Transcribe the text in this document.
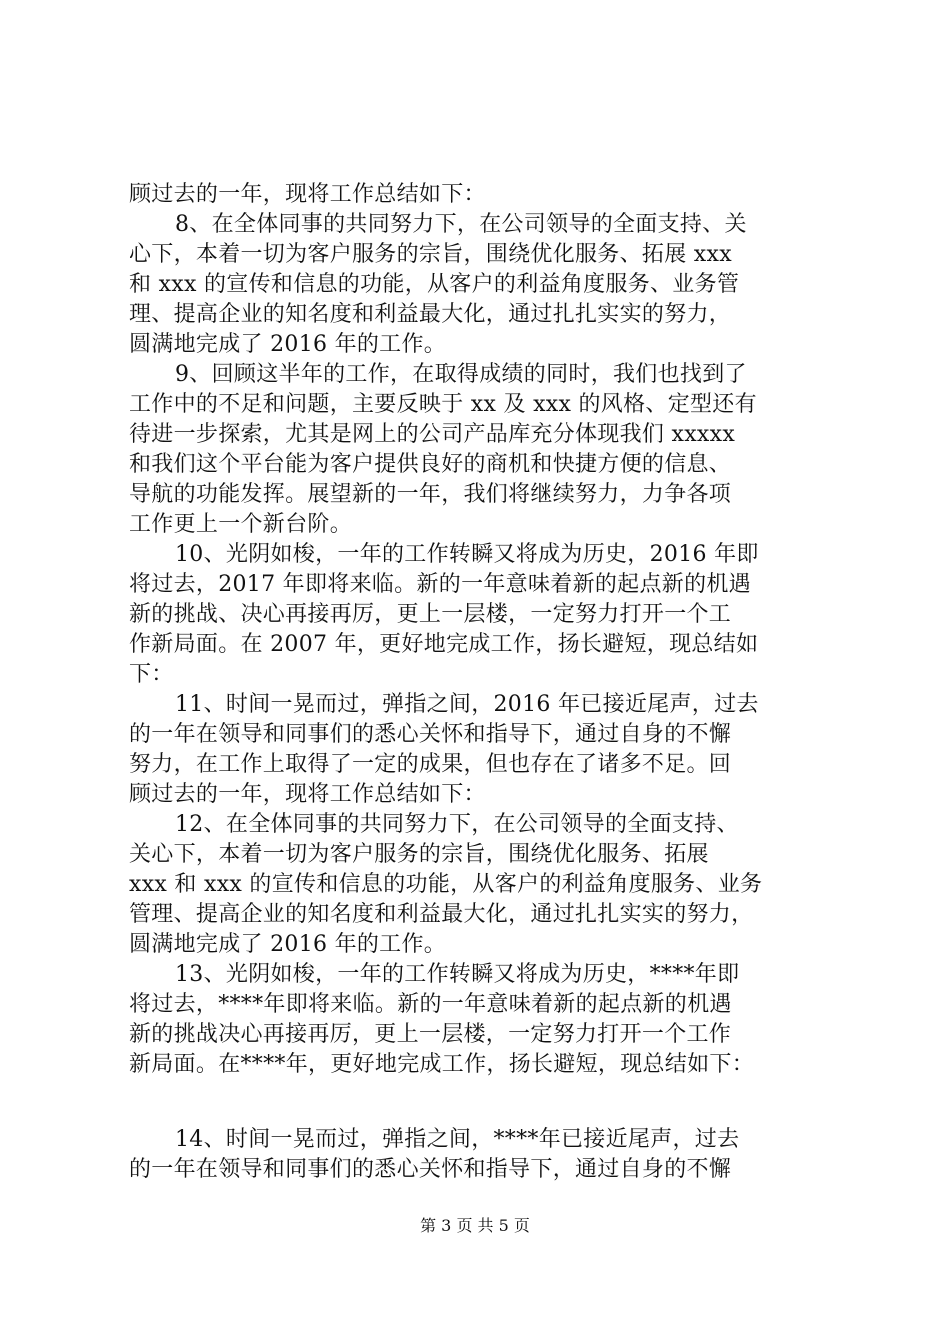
顾过去的一年，现将工作总结如下：
8、在全体同事的共同努力下，在公司领导的全面支持、关
心下，本着一切为客户服务的宗旨，围绕优化服务、拓展 xxx
和 xxx 的宣传和信息的功能，从客户的利益角度服务、业务管
理、提高企业的知名度和利益最大化，通过扎扎实实的努力，
圆满地完成了 2016 年的工作。
9、回顾这半年的工作，在取得成绩的同时，我们也找到了
工作中的不足和问题，主要反映于 xx 及 xxx 的风格、定型还有
待进一步探索，尤其是网上的公司产品库充分体现我们 xxxxx
和我们这个平台能为客户提供良好的商机和快捷方便的信息、
导航的功能发挥。展望新的一年，我们将继续努力，力争各项
工作更上一个新台阶。
10、光阴如梭，一年的工作转瞬又将成为历史，2016 年即
将过去，2017 年即将来临。新的一年意味着新的起点新的机遇
新的挑战、决心再接再厉，更上一层楼，一定努力打开一个工
作新局面。在 2007 年，更好地完成工作，扬长避短，现总结如
下：
11、时间一晃而过，弹指之间，2016 年已接近尾声，过去
的一年在领导和同事们的悉心关怀和指导下，通过自身的不懈
努力，在工作上取得了一定的成果，但也存在了诸多不足。回
顾过去的一年，现将工作总结如下：
12、在全体同事的共同努力下，在公司领导的全面支持、
关心下，本着一切为客户服务的宗旨，围绕优化服务、拓展
xxx 和 xxx 的宣传和信息的功能，从客户的利益角度服务、业务
管理、提高企业的知名度和利益最大化，通过扎扎实实的努力，
圆满地完成了 2016 年的工作。
13、光阴如梭，一年的工作转瞬又将成为历史，****年即
将过去，****年即将来临。新的一年意味着新的起点新的机遇
新的挑战决心再接再厉，更上一层楼，一定努力打开一个工作
新局面。在****年，更好地完成工作，扬长避短，现总结如下：
14、时间一晃而过，弹指之间，****年已接近尾声，过去
的一年在领导和同事们的悉心关怀和指导下，通过自身的不懈
第 3 页 共 5 页
